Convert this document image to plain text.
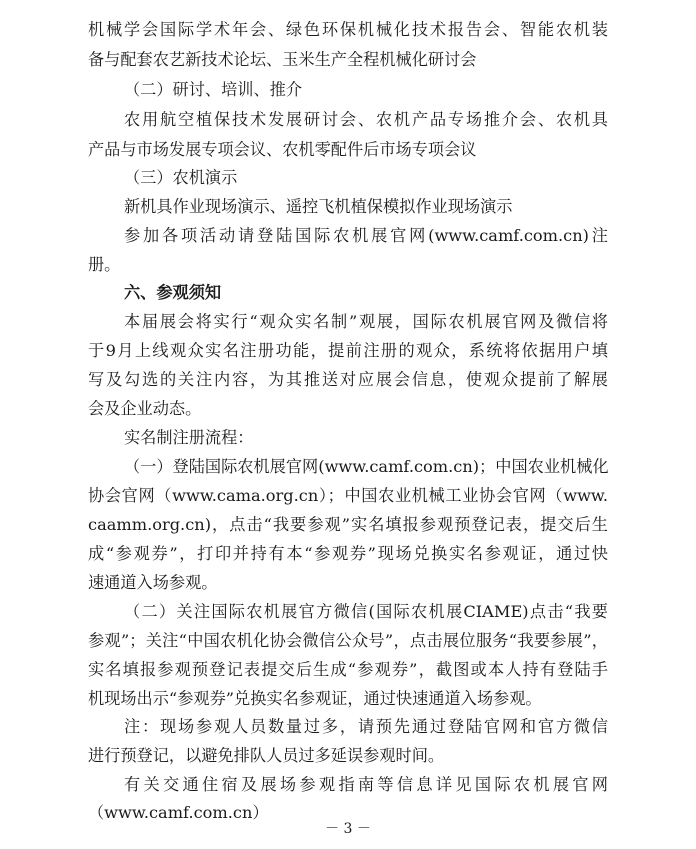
机械学会国际学术年会、绿色环保机械化技术报告会、智能农机装
备与配套农艺新技术论坛、玉米生产全程机械化研讨会
（二）研讨、培训、推介
农用航空植保技术发展研讨会、农机产品专场推介会、农机具
产品与市场发展专项会议、农机零配件后市场专项会议
（三）农机演示
新机具作业现场演示、遥控飞机植保模拟作业现场演示
参加各项活动请登陆国际农机展官网(www.camf.com.cn)注
册。
六、参观须知
本届展会将实行“观众实名制”观展，国际农机展官网及微信将
于9月上线观众实名注册功能，提前注册的观众，系统将依据用户填
写及勾选的关注内容，为其推送对应展会信息，使观众提前了解展
会及企业动态。
实名制注册流程：
（一）登陆国际农机展官网(www.camf.com.cn)；中国农业机械化
协会官网（www.cama.org.cn）；中国农业机械工业协会官网（www.
caamm.org.cn)，点击“我要参观”实名填报参观预登记表，提交后生
成“参观券”，打印并持有本“参观券”现场兑换实名参观证，通过快
速通道入场参观。
（二）关注国际农机展官方微信(国际农机展CIAME)点击“我要
参观”；关注“中国农机化协会微信公众号”，点击展位服务“我要参展”，
实名填报参观预登记表提交后生成“参观券”，截图或本人持有登陆手
机现场出示“参观券”兑换实名参观证，通过快速通道入场参观。
注：现场参观人员数量过多，请预先通过登陆官网和官方微信
进行预登记，以避免排队人员过多延误参观时间。
有关交通住宿及展场参观指南等信息详见国际农机展官网
（www.camf.com.cn）
－ 3 －
